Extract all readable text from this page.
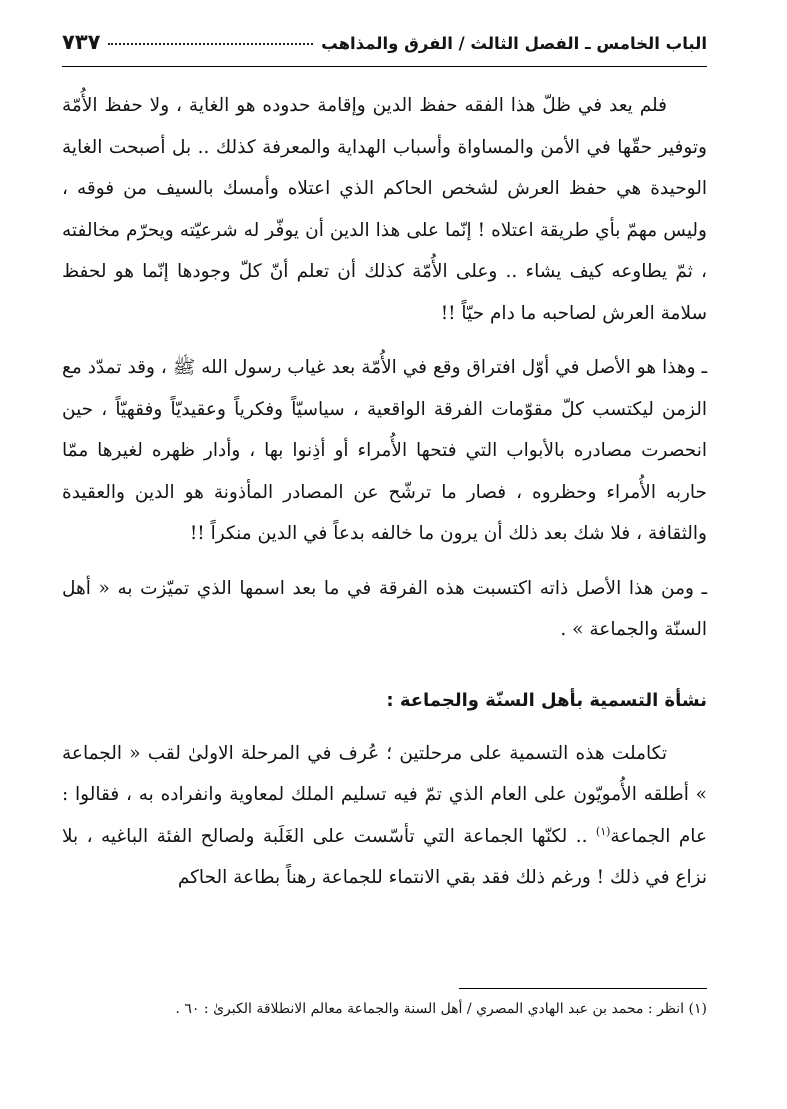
الباب الخامس ـ الفصل الثالث / الفرق والمذاهب
٧٣٧

فلم يعد في ظلّ هذا الفقه حفظ الدين وإقامة حدوده هو الغاية ، ولا حفظ الأُمّة وتوفير حقّها في الأمن والمساواة وأسباب الهداية والمعرفة كذلك .. بل أصبحت الغاية الوحيدة هي حفظ العرش لشخص الحاكم الذي اعتلاه وأمسك بالسيف من فوقه ، وليس مهمّ بأي طريقة اعتلاه ! إنّما على هذا الدين أن يوفّر له شرعيّته ويحرّم مخالفته ، ثمّ يطاوعه كيف يشاء .. وعلى الأُمّة كذلك أن تعلم أنّ كلّ وجودها إنّما هو لحفظ سلامة العرش لصاحبه ما دام حيّاً !!

ـ وهذا هو الأصل في أوّل افتراق وقع في الأُمّة بعد غياب رسول الله ﷺ ، وقد تمدّد مع الزمن ليكتسب كلّ مقوّمات الفرقة الواقعية ، سياسيّاً وفكرياً وعقيديّاً وفقهيّاً ، حين انحصرت مصادره بالأبواب التي فتحها الأُمراء أو أذِنوا بها ، وأدار ظهره لغيرها ممّا حاربه الأُمراء وحظروه ، فصار ما ترشّح عن المصادر المأذونة هو الدين والعقيدة والثقافة ، فلا شك بعد ذلك أن يرون ما خالفه بدعاً في الدين منكراً !!

ـ ومن هذا الأصل ذاته اكتسبت هذه الفرقة في ما بعد اسمها الذي تميّزت به « أهل السنّة والجماعة » .

نشأة التسمية بأهل السنّة والجماعة :

تكاملت هذه التسمية على مرحلتين ؛ عُرف في المرحلة الاولىٰ لقب « الجماعة » أطلقه الأُمويّون على العام الذي تمّ فيه تسليم الملك لمعاوية وانفراده به ، فقالوا : عام الجماعة$^{(١)}$ .. لكنّها الجماعة التي تأسّست على الغَلَبة ولصالح الفئة الباغيه ، بلا نزاع في ذلك ! ورغم ذلك فقد بقي الانتماء للجماعة رهناً بطاعة الحاكم

(١) انظر : محمد بن عبد الهادي المصري / أهل السنة والجماعة معالم الانطلاقة الكبرىٰ : ٦٠ .
